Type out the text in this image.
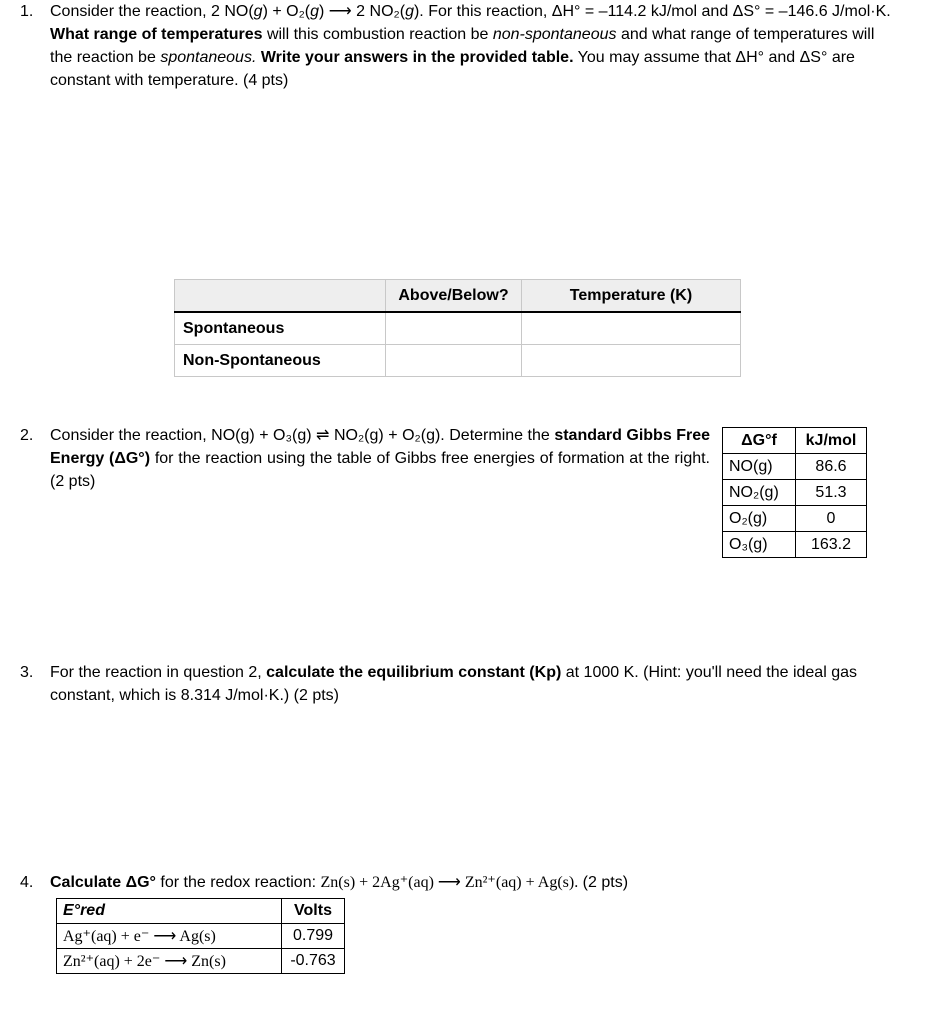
1.	Consider the reaction, 2 NO(g) + O₂(g) ⟶ 2 NO₂(g). For this reaction, ΔH° = –114.2 kJ/mol and ΔS° = –146.6 J/mol·K. What range of temperatures will this combustion reaction be non-spontaneous and what range of temperatures will the reaction be spontaneous. Write your answers in the provided table. You may assume that ΔH° and ΔS° are constant with temperature. (4 pts)
	Above/Below?	Temperature (K)
Spontaneous		
Non-Spontaneous		
2.	Consider the reaction, NO(g) + O₃(g) ⇌ NO₂(g) + O₂(g). Determine the standard Gibbs Free Energy (ΔG°) for the reaction using the table of Gibbs free energies of formation at the right. (2 pts)
ΔG°f	kJ/mol
NO(g)	86.6
NO₂(g)	51.3
O₂(g)	0
O₃(g)	163.2
3.	For the reaction in question 2, calculate the equilibrium constant (Kp) at 1000 K. (Hint: you'll need the ideal gas constant, which is 8.314 J/mol·K.) (2 pts)
4.	Calculate ΔG° for the redox reaction: Zn(s) + 2Ag⁺(aq) ⟶ Zn²⁺(aq) + Ag(s). (2 pts)
E°red	Volts
Ag⁺(aq) + e⁻ ⟶ Ag(s)	0.799
Zn²⁺(aq) + 2e⁻ ⟶ Zn(s)	-0.763
